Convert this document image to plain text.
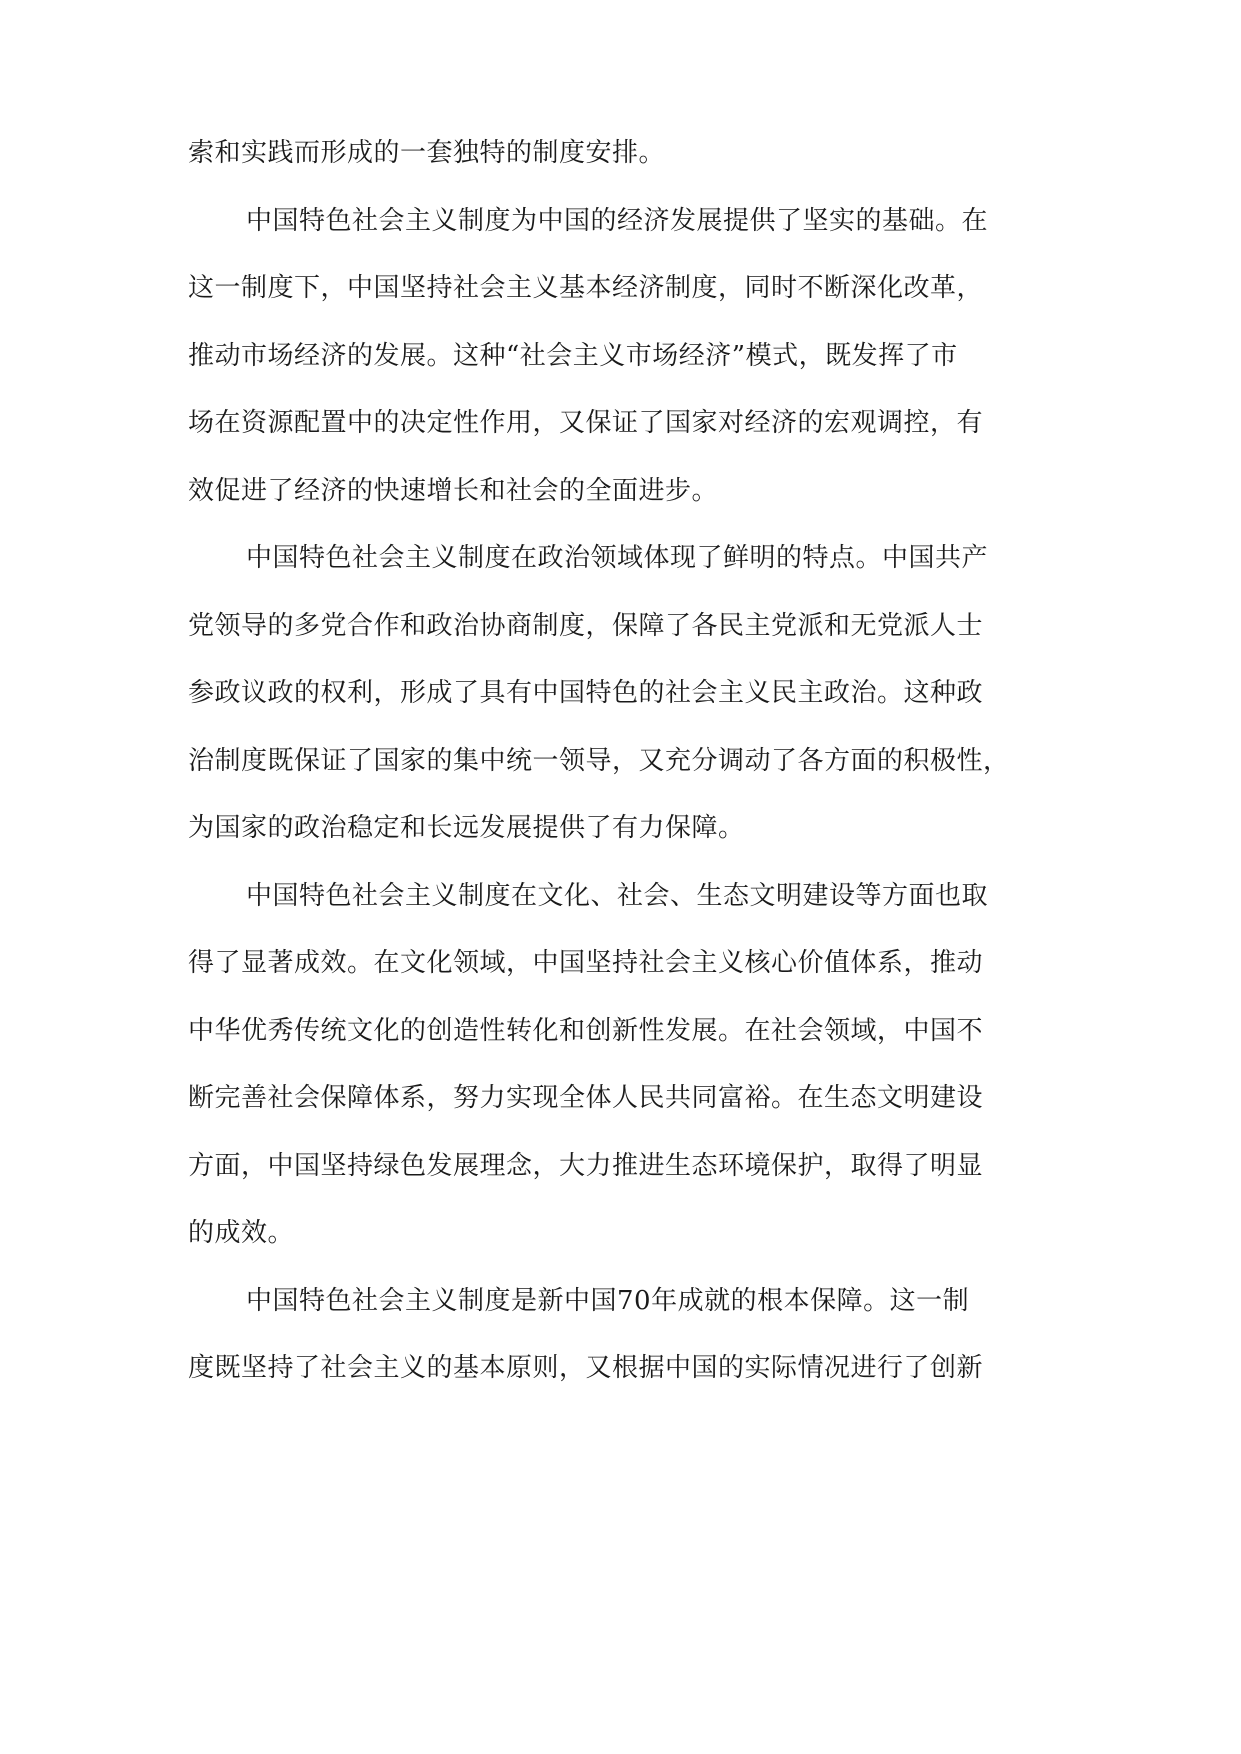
索和实践而形成的一套独特的制度安排。
中国特色社会主义制度为中国的经济发展提供了坚实的基础。在
这一制度下，中国坚持社会主义基本经济制度，同时不断深化改革，
推动市场经济的发展。这种“社会主义市场经济”模式，既发挥了市
场在资源配置中的决定性作用，又保证了国家对经济的宏观调控，有
效促进了经济的快速增长和社会的全面进步。
中国特色社会主义制度在政治领域体现了鲜明的特点。中国共产
党领导的多党合作和政治协商制度，保障了各民主党派和无党派人士
参政议政的权利，形成了具有中国特色的社会主义民主政治。这种政
治制度既保证了国家的集中统一领导，又充分调动了各方面的积极性，
为国家的政治稳定和长远发展提供了有力保障。
中国特色社会主义制度在文化、社会、生态文明建设等方面也取
得了显著成效。在文化领域，中国坚持社会主义核心价值体系，推动
中华优秀传统文化的创造性转化和创新性发展。在社会领域，中国不
断完善社会保障体系，努力实现全体人民共同富裕。在生态文明建设
方面，中国坚持绿色发展理念，大力推进生态环境保护，取得了明显
的成效。
中国特色社会主义制度是新中国70年成就的根本保障。这一制
度既坚持了社会主义的基本原则，又根据中国的实际情况进行了创新
